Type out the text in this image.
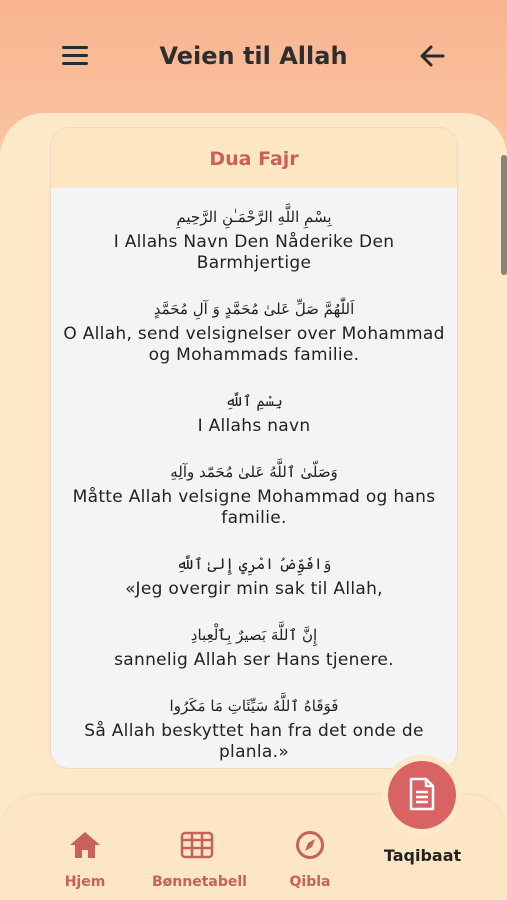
Veien til Allah
Dua Fajr
بِسْمِ اللَّهِ الرَّحْمَـٰنِ الرَّحِيمِ
I Allahs Navn Den Nåderike Den Barmhjertige
اَللّٰهُمَّ صَلِّ عَلىٰ مُحَمَّدٍ وَ آلِ مُحَمَّدٍ
O Allah, send velsignelser over Mohammad og Mohammads familie.
بِسْمِ ٱللَّهِ
I Allahs navn
وَصَلّىٰ ٱللَّهُ عَلىٰ مُحَمّد وآلِهِ
Måtte Allah velsigne Mohammad og hans familie.
وَافَوِّضُ امْرِي إِلىٰ ٱللَّهِ
«Jeg overgir min sak til Allah,
إِنَّ ٱللَّهَ بَصيرٌ بِٱلْعِبادِ
sannelig Allah ser Hans tjenere.
فَوَقَاهُ ٱللَّهُ سَيِّئَاتِ مَا مَكَرُوا
Så Allah beskyttet han fra det onde de planla.»
Hjem	Bønnetabell	Qibla
Taqibaat
